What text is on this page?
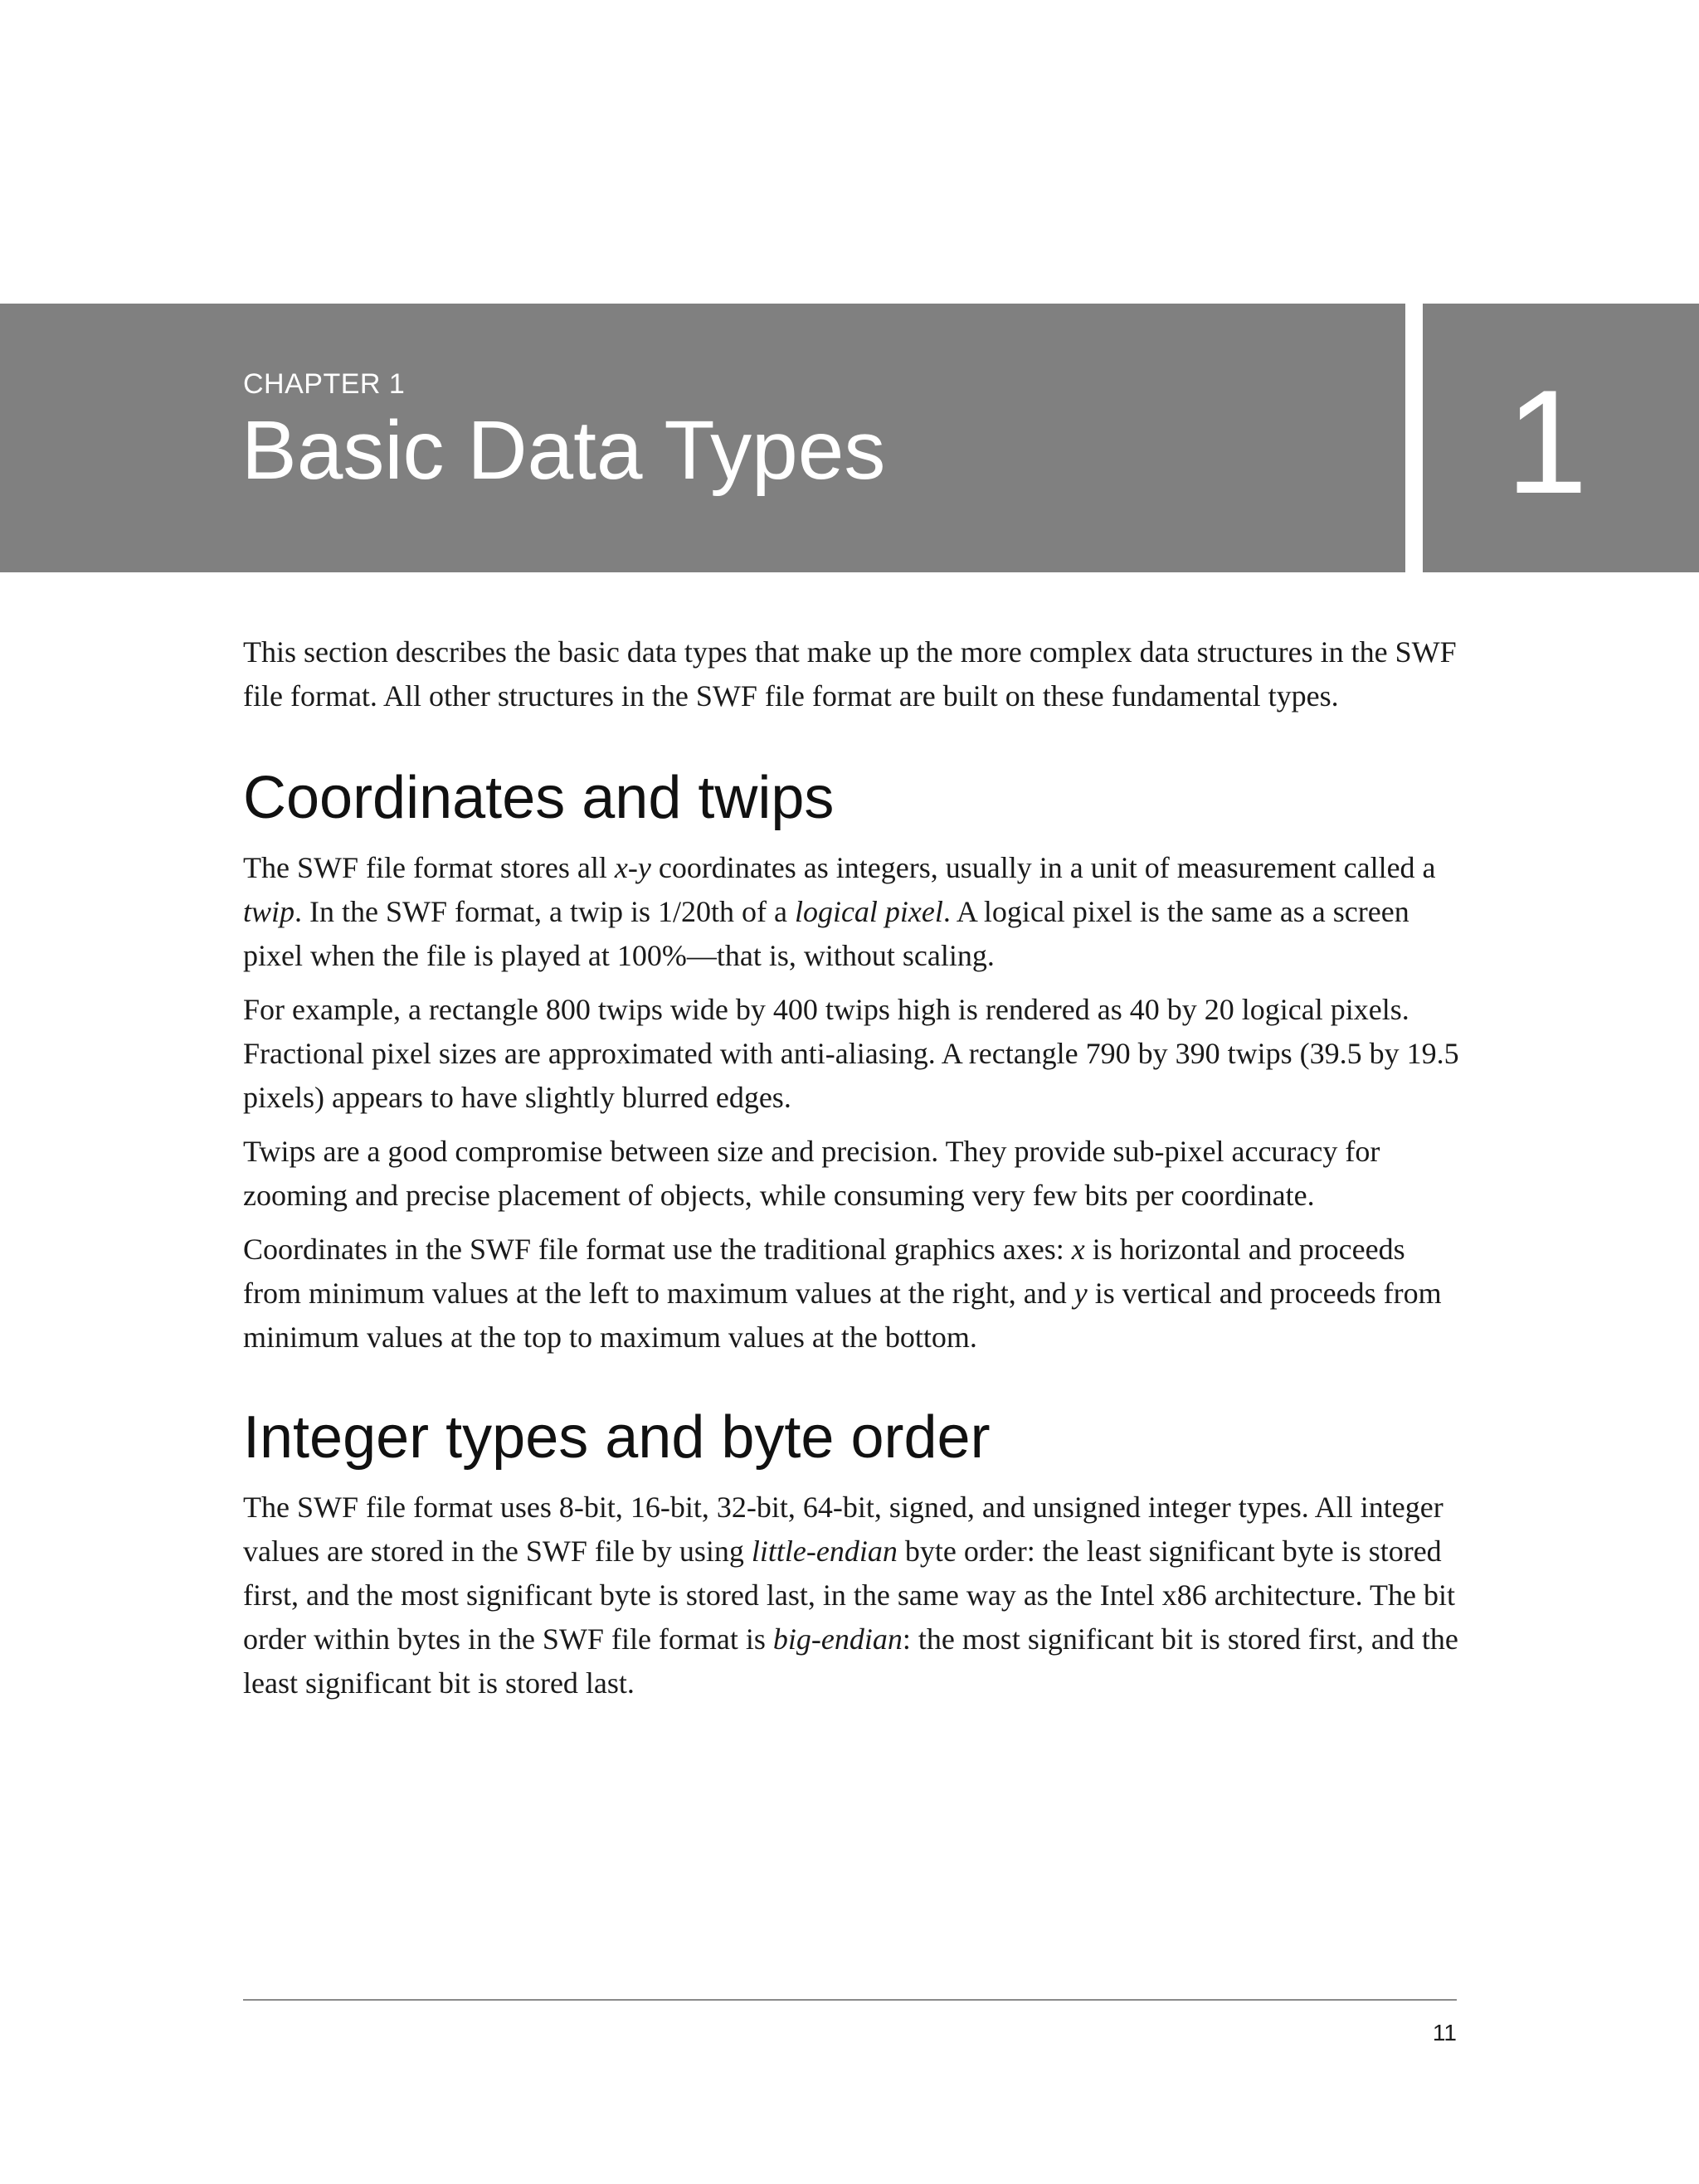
CHAPTER 1
Basic Data Types	1

This section describes the basic data types that make up the more complex data structures in the SWF file format. All other structures in the SWF file format are built on these fundamental types.

Coordinates and twips

The SWF file format stores all x-y coordinates as integers, usually in a unit of measurement called a twip. In the SWF format, a twip is 1/20th of a logical pixel. A logical pixel is the same as a screen pixel when the file is played at 100%—that is, without scaling.

For example, a rectangle 800 twips wide by 400 twips high is rendered as 40 by 20 logical pixels. Fractional pixel sizes are approximated with anti-aliasing. A rectangle 790 by 390 twips (39.5 by 19.5 pixels) appears to have slightly blurred edges.

Twips are a good compromise between size and precision. They provide sub-pixel accuracy for zooming and precise placement of objects, while consuming very few bits per coordinate.

Coordinates in the SWF file format use the traditional graphics axes: x is horizontal and proceeds from minimum values at the left to maximum values at the right, and y is vertical and proceeds from minimum values at the top to maximum values at the bottom.

Integer types and byte order

The SWF file format uses 8-bit, 16-bit, 32-bit, 64-bit, signed, and unsigned integer types. All integer values are stored in the SWF file by using little-endian byte order: the least significant byte is stored first, and the most significant byte is stored last, in the same way as the Intel x86 architecture. The bit order within bytes in the SWF file format is big-endian: the most significant bit is stored first, and the least significant bit is stored last.

11
